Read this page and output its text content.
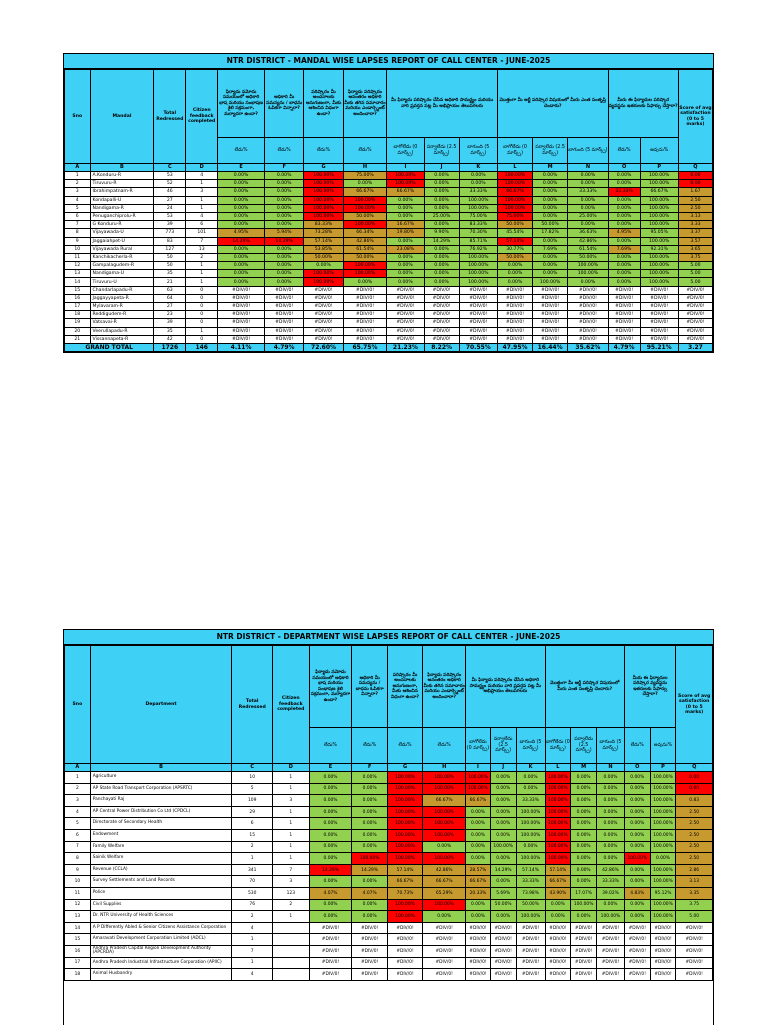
NTR DISTRICT - MANDAL WISE LAPSES REPORT OF CALL CENTER - JUNE-2025
Sno	Mandal	Total Redressed	Citizen feedback completed	ఫిర్యాదు నమోదు సమయంలో అధికారి భాష మరియు సంభాషణ శైలి సక్రమంగా, మర్యాదగా ఉందా?	అధికారి మీ సమస్యను / బాధను ఓపికగా విన్నారా?	పరిష్కారం మీ అంచనాలకు అనుగుణంగా, మీకు ఆశించిన విధంగా ఉందా?	ఫిర్యాదు పరిష్కారం అనంతరం అధికారి మీకు తగిన సమాచారం మరియు ఎండార్స్మెంట్ అందించారా?	మీ ఫిర్యాదు పరిష్కారం చేసిన అధికారి సామర్థ్యం మరియు వారి ప్రవర్తన పట్ల మీ అభిప్రాయం తెలుపగలరు			మొత్తంగా మీ అర్జీ పరిష్కార విషయంలో మీరు ఎంత సంతృప్తి చెందారు?			మీరు ఈ ఫిర్యాదుల పరిష్కార వ్యవస్థను ఇతరులకు సిఫార్సు చేస్తారా?		Score of avg satisfaction (0 to 5 marks)
				లేదు%	లేదు%	లేదు%	లేదు%	బాగోలేదు (0 మార్క్స్)	పర్వాలేదు (2.5 మార్క్స్)	బాగుంది (5 మార్క్స్)	బాగోలేదు (0 మార్క్స్)	పర్వాలేదు (2.5 మార్క్స్)	బాగుంది (5 మార్క్స్)	లేదు%	అవును%	
A	B	C	D	E	F	G	H	I	J	K	L	M	N	O	P	Q
1	A.Konduru-R	53	4	0.00%	0.00%	100.00%	75.00%	100.00%	0.00%	0.00%	100.00%	0.00%	0.00%	0.00%	100.00%	0.00
2	Tiruvuru-R	52	1	0.00%	0.00%	100.00%	0.00%	100.00%	0.00%	0.00%	100.00%	0.00%	0.00%	0.00%	100.00%	0.00
3	Ibrahimpatnam-R	46	3	0.00%	0.00%	100.00%	66.67%	66.67%	0.00%	33.33%	66.67%	0.00%	33.33%	33.33%	66.67%	1.67
4	Kondapalli-U	27	1	0.00%	0.00%	100.00%	100.00%	0.00%	0.00%	100.00%	100.00%	0.00%	0.00%	0.00%	100.00%	2.50
5	Nandigama-R	24	1	0.00%	0.00%	100.00%	100.00%	0.00%	0.00%	100.00%	100.00%	0.00%	0.00%	0.00%	100.00%	2.50
6	Penuganchiprolu-R	53	4	0.00%	0.00%	100.00%	50.00%	0.00%	25.00%	75.00%	75.00%	0.00%	25.00%	0.00%	100.00%	3.13
7	G Konduru-R	39	6	0.00%	0.00%	83.33%	100.00%	16.67%	0.00%	83.33%	50.00%	50.00%	0.00%	0.00%	100.00%	3.33
8	Vijayawada-U	773	101	4.95%	5.94%	73.28%	66.34%	19.80%	9.90%	70.30%	45.54%	17.82%	36.63%	4.95%	95.05%	3.37
9	Jaggaiahpet-U	83	7	14.29%	14.29%	57.14%	42.86%	0.00%	14.29%	85.71%	57.14%	0.00%	42.86%	0.00%	100.00%	3.57
10	Vijayawada Rural	127	13	0.00%	0.00%	53.85%	61.54%	23.08%	0.00%	76.92%	30.77%	7.69%	61.54%	7.69%	92.31%	3.65
11	Kanchikacherla-R	50	2	0.00%	0.00%	50.00%	50.00%	0.00%	0.00%	100.00%	50.00%	0.00%	50.00%	0.00%	100.00%	3.75
12	Gampalagudem-R	50	1	0.00%	0.00%	0.00%	100.00%	0.00%	0.00%	100.00%	0.00%	0.00%	100.00%	0.00%	100.00%	5.00
13	Nandigama-U	35	1	0.00%	0.00%	100.00%	100.00%	0.00%	0.00%	100.00%	0.00%	0.00%	100.00%	0.00%	100.00%	5.00
14	Tiruvuru-U	21	1	0.00%	0.00%	100.00%	0.00%	0.00%	0.00%	100.00%	0.00%	100.00%	0.00%	0.00%	100.00%	5.00
15	Chandarlapadu-R	63	0	#DIV/0!	#DIV/0!	#DIV/0!	#DIV/0!	#DIV/0!	#DIV/0!	#DIV/0!	#DIV/0!	#DIV/0!	#DIV/0!	#DIV/0!	#DIV/0!	#DIV/0!
16	Jaggayyapeta-R	64	0	#DIV/0!	#DIV/0!	#DIV/0!	#DIV/0!	#DIV/0!	#DIV/0!	#DIV/0!	#DIV/0!	#DIV/0!	#DIV/0!	#DIV/0!	#DIV/0!	#DIV/0!
17	Mylavaram-R	27	0	#DIV/0!	#DIV/0!	#DIV/0!	#DIV/0!	#DIV/0!	#DIV/0!	#DIV/0!	#DIV/0!	#DIV/0!	#DIV/0!	#DIV/0!	#DIV/0!	#DIV/0!
18	Reddigudem-R	23	0	#DIV/0!	#DIV/0!	#DIV/0!	#DIV/0!	#DIV/0!	#DIV/0!	#DIV/0!	#DIV/0!	#DIV/0!	#DIV/0!	#DIV/0!	#DIV/0!	#DIV/0!
19	Vatsavai-R	39	0	#DIV/0!	#DIV/0!	#DIV/0!	#DIV/0!	#DIV/0!	#DIV/0!	#DIV/0!	#DIV/0!	#DIV/0!	#DIV/0!	#DIV/0!	#DIV/0!	#DIV/0!
20	Veerullapadu-R	35	1	#DIV/0!	#DIV/0!	#DIV/0!	#DIV/0!	#DIV/0!	#DIV/0!	#DIV/0!	#DIV/0!	#DIV/0!	#DIV/0!	#DIV/0!	#DIV/0!	#DIV/0!
21	Vissannapeta-R	42	0	#DIV/0!	#DIV/0!	#DIV/0!	#DIV/0!	#DIV/0!	#DIV/0!	#DIV/0!	#DIV/0!	#DIV/0!	#DIV/0!	#DIV/0!	#DIV/0!	#DIV/0!
GRAND TOTAL		1726	146	4.11%	4.79%	72.60%	65.75%	21.23%	8.22%	70.55%	47.95%	16.44%	35.62%	4.79%	95.21%	3.27
NTR DISTRICT - DEPARTMENT WISE LAPSES REPORT OF CALL CENTER - JUNE-2025
Sno	Department	Total Redressed	Citizen feedback completed	ఫిర్యాదు నమోదు సమయంలో అధికారి భాష మరియు సంభాషణ శైలి సక్రమంగా, మర్యాదగా ఉందా?	అధికారి మీ సమస్యను / బాధను ఓపికగా విన్నారా?	పరిష్కారం మీ అంచనాలకు అనుగుణంగా, మీకు ఆశించిన విధంగా ఉందా?	ఫిర్యాదు పరిష్కారం అనంతరం అధికారి మీకు తగిన సమాచారం మరియు ఎండార్స్మెంట్ అందించారా?	మీ ఫిర్యాదు పరిష్కారం చేసిన అధికారి సామర్థ్యం మరియు వారి ప్రవర్తన పట్ల మీ అభిప్రాయం తెలుపగలరు			మొత్తంగా మీ అర్జీ పరిష్కార విషయంలో మీరు ఎంత సంతృప్తి చెందారు?			మీరు ఈ ఫిర్యాదుల పరిష్కార వ్యవస్థను ఇతరులకు సిఫార్సు చేస్తారా?		Score of avg satisfaction (0 to 5 marks)
				లేదు%	లేదు%	లేదు%	లేదు%	బాగోలేదు (0 మార్క్స్)	పర్వాలేదు (2.5 మార్క్స్)	బాగుంది (5 మార్క్స్)	బాగోలేదు (0 మార్క్స్)	పర్వాలేదు (2.5 మార్క్స్)	బాగుంది (5 మార్క్స్)	లేదు%	అవును%	
A	B	C	D	E	F	G	H	I	J	K	L	M	N	O	P	Q
1	Agriculture	10	1	0.00%	0.00%	100.00%	100.00%	100.00%	0.00%	0.00%	100.00%	0.00%	0.00%	0.00%	100.00%	0.00
2	AP State Road Transport Corporation (APSRTC)	5	1	0.00%	0.00%	100.00%	100.00%	100.00%	0.00%	0.00%	100.00%	0.00%	0.00%	0.00%	100.00%	0.00
3	Panchayati Raj	109	3	0.00%	0.00%	100.00%	66.67%	66.67%	0.00%	33.33%	100.00%	0.00%	0.00%	0.00%	100.00%	0.83
4	AP Central Power Distribution Co Ltd (CPDCL)	29	1	0.00%	0.00%	100.00%	100.00%	0.00%	0.00%	100.00%	100.00%	0.00%	0.00%	0.00%	100.00%	2.50
5	Directorate of Secondary Health	6	1	0.00%	0.00%	100.00%	100.00%	0.00%	0.00%	100.00%	100.00%	0.00%	0.00%	0.00%	100.00%	2.50
6	Endowment	15	1	0.00%	0.00%	100.00%	100.00%	0.00%	0.00%	100.00%	100.00%	0.00%	0.00%	0.00%	100.00%	2.50
7	Family Welfare	2	1	0.00%	0.00%	100.00%	0.00%	0.00%	100.00%	0.00%	100.00%	0.00%	0.00%	0.00%	100.00%	2.50
8	Sainik Welfare	1	1	0.00%	100.00%	100.00%	100.00%	0.00%	0.00%	100.00%	100.00%	0.00%	0.00%	100.00%	0.00%	2.50
9	Revenue (CCLA)	341	7	14.29%	14.29%	57.14%	42.86%	28.57%	14.29%	57.14%	57.14%	0.00%	42.86%	0.00%	100.00%	2.86
10	Survey Settlements and Land Records	70	3	0.00%	0.00%	66.67%	66.67%	66.67%	0.00%	33.33%	66.67%	0.00%	33.33%	0.00%	100.00%	3.13
11	Police	530	123	4.07%	4.07%	70.73%	65.29%	20.33%	5.69%	73.98%	43.90%	17.07%	39.02%	4.83%	95.12%	3.35
12	Civil Supplies	76	2	0.00%	0.00%	100.00%	100.00%	0.00%	50.00%	50.00%	0.00%	100.00%	0.00%	0.00%	100.00%	3.75
13	Dr. NTR University of Health Sciences	2	1	0.00%	0.00%	100.00%	0.00%	0.00%	0.00%	100.00%	0.00%	0.00%	100.00%	0.00%	100.00%	5.00
14	A P Differently Abled & Senior Citizens Assistance Corporation	4		#DIV/0!	#DIV/0!	#DIV/0!	#DIV/0!	#DIV/0!	#DIV/0!	#DIV/0!	#DIV/0!	#DIV/0!	#DIV/0!	#DIV/0!	#DIV/0!	#DIV/0!
15	Amaravati Development Corporation Limited (ADCL)	1		#DIV/0!	#DIV/0!	#DIV/0!	#DIV/0!	#DIV/0!	#DIV/0!	#DIV/0!	#DIV/0!	#DIV/0!	#DIV/0!	#DIV/0!	#DIV/0!	#DIV/0!
16	Andhra Pradesh Capital Region Development Authority (APCRDA)	7		#DIV/0!	#DIV/0!	#DIV/0!	#DIV/0!	#DIV/0!	#DIV/0!	#DIV/0!	#DIV/0!	#DIV/0!	#DIV/0!	#DIV/0!	#DIV/0!	#DIV/0!
17	Andhra Pradesh Industrial Infrastructure Corporation (APIIC)	1		#DIV/0!	#DIV/0!	#DIV/0!	#DIV/0!	#DIV/0!	#DIV/0!	#DIV/0!	#DIV/0!	#DIV/0!	#DIV/0!	#DIV/0!	#DIV/0!	#DIV/0!
18	Animal Husbandry	4		#DIV/0!	#DIV/0!	#DIV/0!	#DIV/0!	#DIV/0!	#DIV/0!	#DIV/0!	#DIV/0!	#DIV/0!	#DIV/0!	#DIV/0!	#DIV/0!	#DIV/0!
